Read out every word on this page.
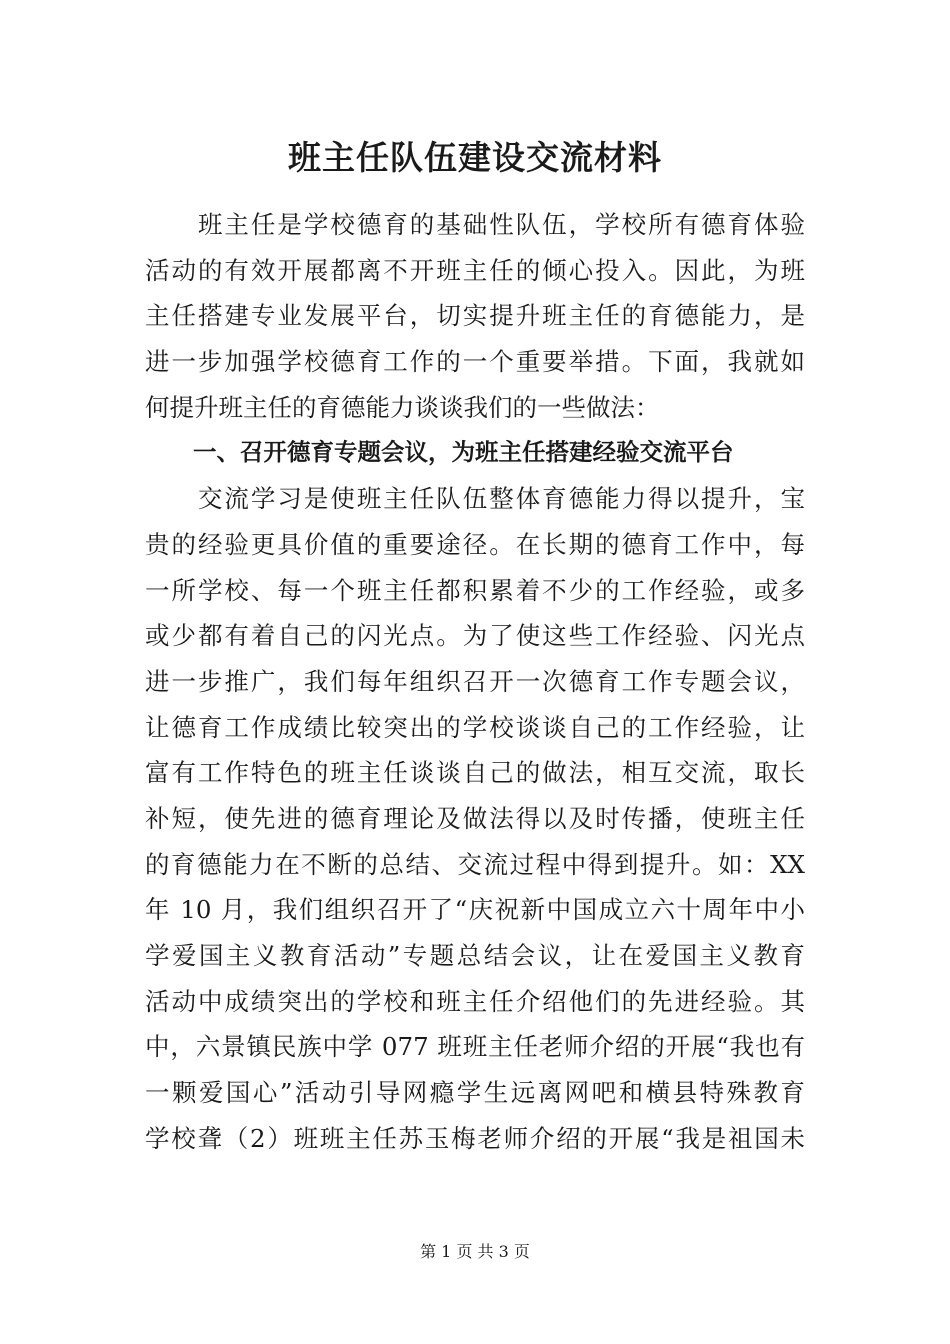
班主任队伍建设交流材料
　　班主任是学校德育的基础性队伍，学校所有德育体验
活动的有效开展都离不开班主任的倾心投入。因此，为班
主任搭建专业发展平台，切实提升班主任的育德能力，是
进一步加强学校德育工作的一个重要举措。下面，我就如
何提升班主任的育德能力谈谈我们的一些做法：
一、召开德育专题会议，为班主任搭建经验交流平台
　　交流学习是使班主任队伍整体育德能力得以提升，宝
贵的经验更具价值的重要途径。在长期的德育工作中，每
一所学校、每一个班主任都积累着不少的工作经验，或多
或少都有着自己的闪光点。为了使这些工作经验、闪光点
进一步推广，我们每年组织召开一次德育工作专题会议，
让德育工作成绩比较突出的学校谈谈自己的工作经验，让
富有工作特色的班主任谈谈自己的做法，相互交流，取长
补短，使先进的德育理论及做法得以及时传播，使班主任
的育德能力在不断的总结、交流过程中得到提升。如：XX
年 10 月，我们组织召开了“庆祝新中国成立六十周年中小
学爱国主义教育活动”专题总结会议，让在爱国主义教育
活动中成绩突出的学校和班主任介绍他们的先进经验。其
中，六景镇民族中学 077 班班主任老师介绍的开展“我也有
一颗爱国心”活动引导网瘾学生远离网吧和横县特殊教育
学校聋（2）班班主任苏玉梅老师介绍的开展“我是祖国未
第 1 页 共 3 页
